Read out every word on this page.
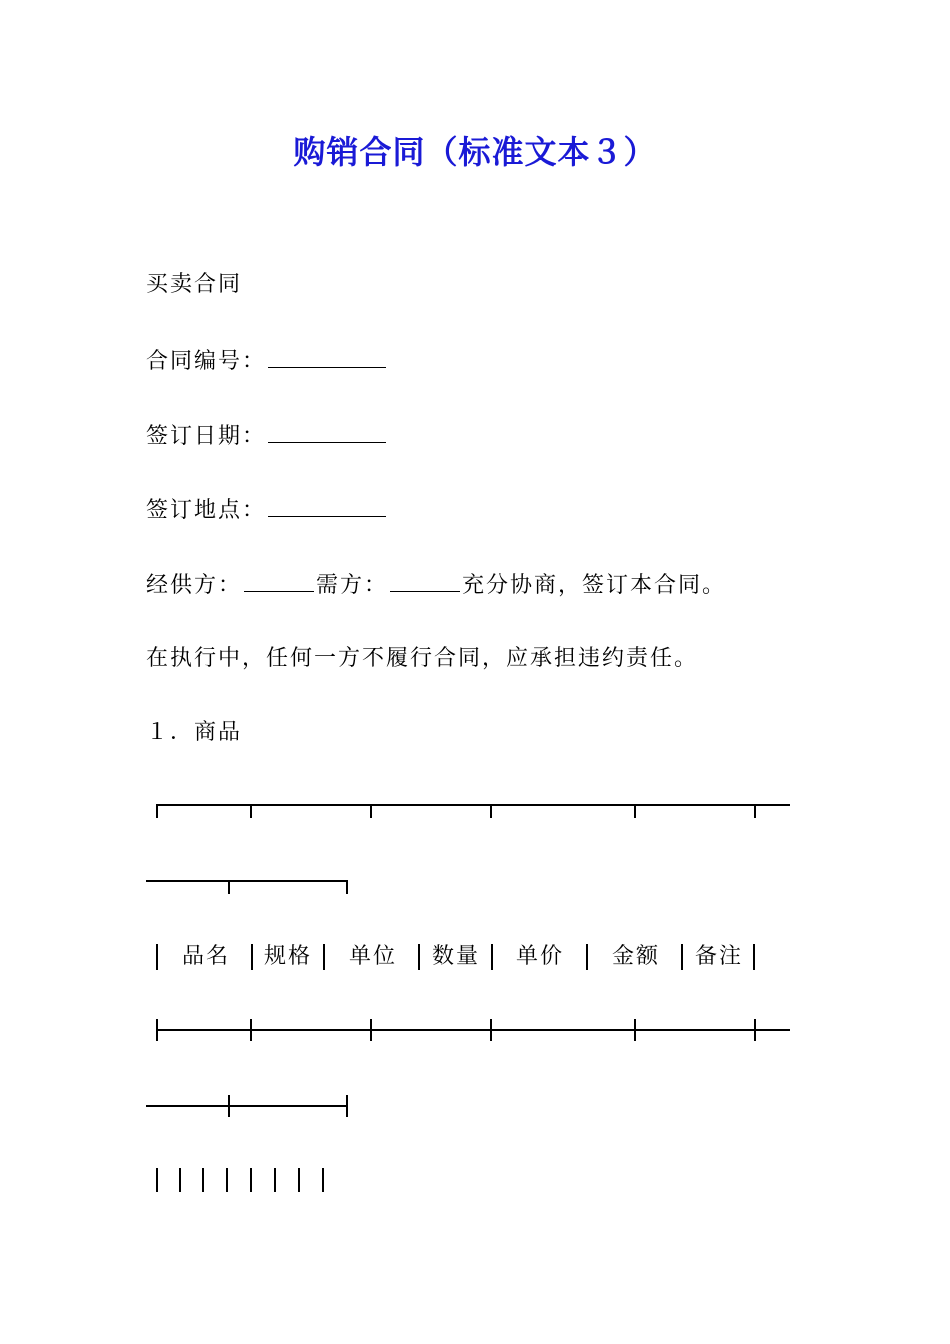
购销合同（标准文本３）
买卖合同
合同编号：
签订日期：
签订地点：
经供方：	需方：	充分协商，签订本合同。
在执行中，任何一方不履行合同，应承担违约责任。
１．商品
品名 规格 单位 数量 单价 金额 备注
